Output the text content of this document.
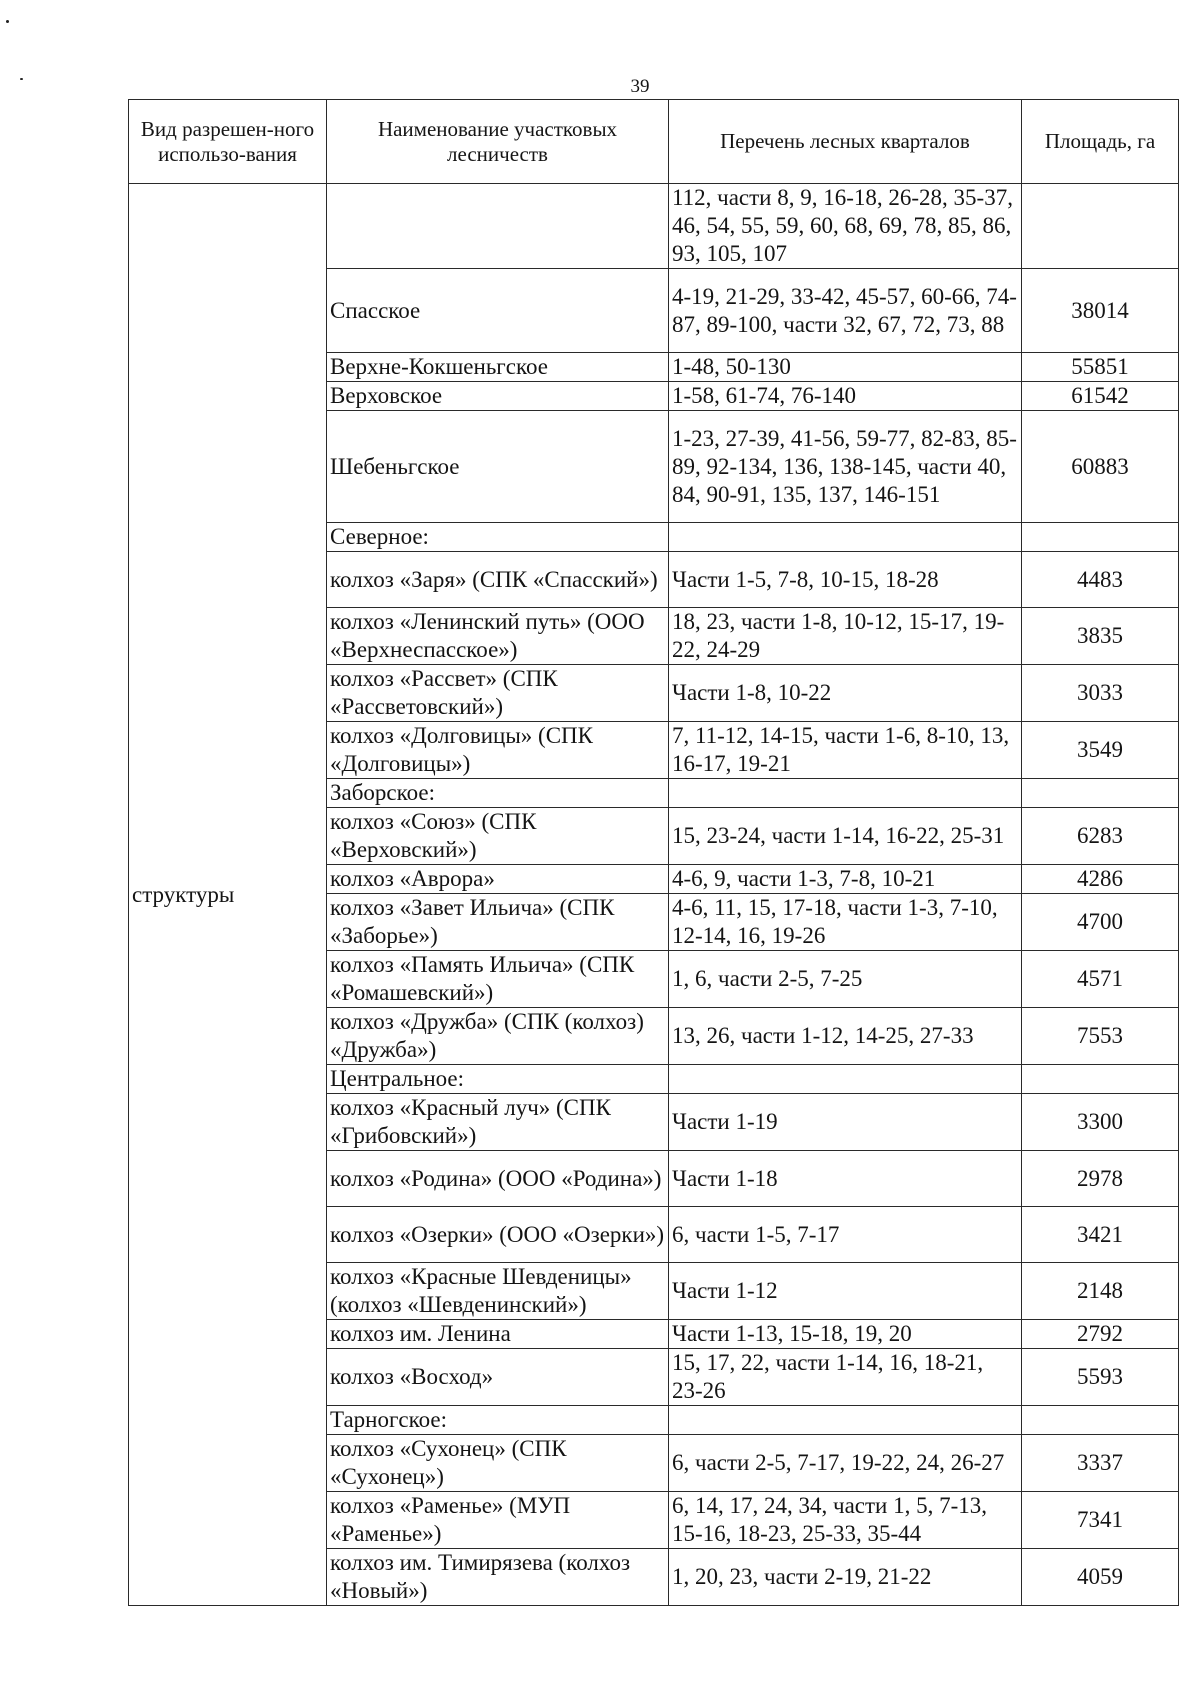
39
Вид разрешен-ного использо-вания	Наименование участковых лесничеств	Перечень лесных кварталов	Площадь, га
структуры		112, части 8, 9, 16-18, 26-28, 35-37, 46, 54, 55, 59, 60, 68, 69, 78, 85, 86, 93, 105, 107	
	Спасское	4-19, 21-29, 33-42, 45-57, 60-66, 74-87, 89-100, части 32, 67, 72, 73, 88	38014
	Верхне-Кокшеньгское	1-48, 50-130	55851
	Верховское	1-58, 61-74, 76-140	61542
	Шебеньгское	1-23, 27-39, 41-56, 59-77, 82-83, 85-89, 92-134, 136, 138-145, части 40, 84, 90-91, 135, 137, 146-151	60883
	Северное:		
	колхоз «Заря» (СПК «Спасский»)	Части 1-5, 7-8, 10-15, 18-28	4483
	колхоз «Ленинский путь» (ООО «Верхнеспасское»)	18, 23, части 1-8, 10-12, 15-17, 19-22, 24-29	3835
	колхоз «Рассвет» (СПК «Рассветовский»)	Части 1-8, 10-22	3033
	колхоз «Долговицы» (СПК «Долговицы»)	7, 11-12, 14-15, части 1-6, 8-10, 13, 16-17, 19-21	3549
	Заборское:		
	колхоз «Союз» (СПК «Верховский»)	15, 23-24, части 1-14, 16-22, 25-31	6283
	колхоз «Аврора»	4-6, 9, части 1-3, 7-8, 10-21	4286
	колхоз «Завет Ильича» (СПК «Заборье»)	4-6, 11, 15, 17-18, части 1-3, 7-10, 12-14, 16, 19-26	4700
	колхоз «Память Ильича» (СПК «Ромашевский»)	1, 6, части 2-5, 7-25	4571
	колхоз «Дружба» (СПК (колхоз) «Дружба»)	13, 26, части 1-12, 14-25, 27-33	7553
	Центральное:		
	колхоз «Красный луч» (СПК «Грибовский»)	Части 1-19	3300
	колхоз «Родина» (ООО «Родина»)	Части 1-18	2978
	колхоз «Озерки» (ООО «Озерки»)	6, части 1-5, 7-17	3421
	колхоз «Красные Шевденицы» (колхоз «Шевденинский»)	Части 1-12	2148
	колхоз им. Ленина	Части 1-13, 15-18, 19, 20	2792
	колхоз «Восход»	15, 17, 22, части 1-14, 16, 18-21, 23-26	5593
	Тарногское:		
	колхоз «Сухонец» (СПК «Сухонец»)	6, части 2-5, 7-17, 19-22, 24, 26-27	3337
	колхоз «Раменье» (МУП «Раменье»)	6, 14, 17, 24, 34, части 1, 5, 7-13, 15-16, 18-23, 25-33, 35-44	7341
	колхоз им. Тимирязева (колхоз «Новый»)	1, 20, 23, части 2-19, 21-22	4059
